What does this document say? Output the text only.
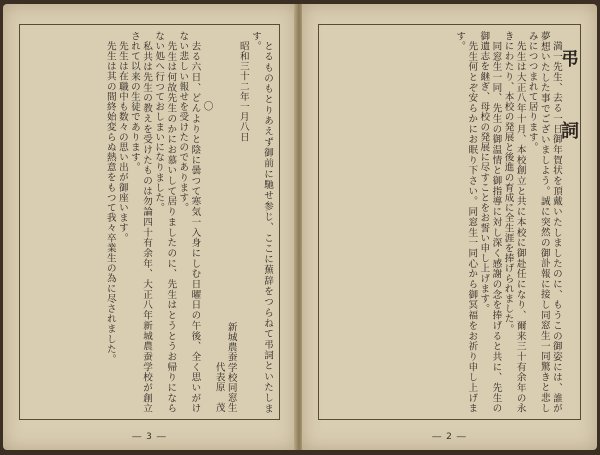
とるものもとりあえず御前に馳せ参じ、ここに蕪辞をつらねて弔詞といたします。

昭和三十二年一月八日

新城農蚕学校同窓生

代表原　茂

〇

去る六日、どんよりと陰に曇つて寒気一入身にしむ日曜日の午後、全く思いがけない悲しい報せを受けたのであります。

先生は何故先生のかにお慕いして居りましたのに、先生はとうとうお帰りにならない処へ行つておしまいになりました。

私共は先生の教えを受けたものは勿論四十有余年、大正八年新城農蚕学校が創立されて以来の生徒であります。

先生は在職中も数々の思い出が御座います。

先生は其の間終始変らぬ熱意をもつて我々卒業生の為に尽されました。

― 3 ―

弔 詞

満一先生、去る一日御年賀状を頂戴いたしましたのに、もうこの御姿には、誰が夢想いたした事でございましよう。誠に突然の御訃報に接し同窓生一同驚きと悲しみにつつまれて居ります。

先生は大正八年十月、本校創立と共に本校に御赴任になり、爾来三十有余年の永きにわたり、本校の発展と後進の育成に全生涯を捧げられました。

同窓生一同、先生の御温情と御指導に対し深く感謝の念を捧げると共に、先生の御遺志を継ぎ、母校の発展に尽すことをお誓い申し上げます。

先生何とぞ安らかにお眠り下さい。同窓生一同心から御冥福をお祈り申し上げます。

― 2 ―
